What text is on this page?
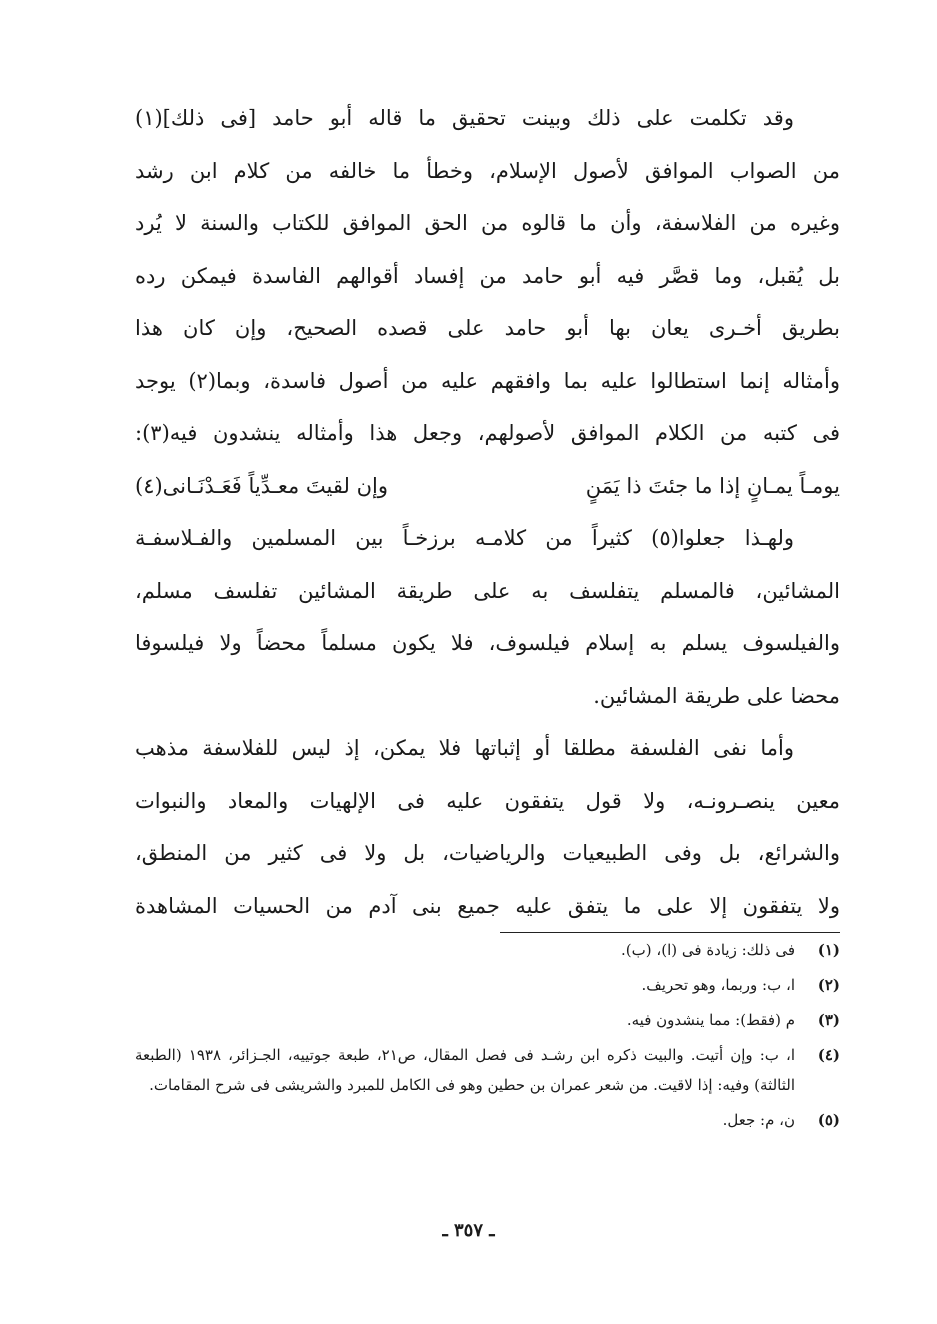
وقد تكلمت على ذلك وبينت تحقيق ما قاله أبو حامد [فى ذلك](١)
من الصواب الموافق لأصول الإسلام، وخطأ ما خالفه من كلام ابن رشد
وغيره من الفلاسفة، وأن ما قالوه من الحق الموافق للكتاب والسنة لا يُرد
بل يُقبل، وما قصَّر فيه أبو حامد من إفساد أقوالهم الفاسدة فيمكن رده
بطريق أخـرى يعان بها أبو حامد على قصده الصحيح، وإن كان هذا
وأمثاله إنما استطالوا عليه بما وافقهم عليه من أصول فاسدة، وبما(٢) يوجد
فى كتبه من الكلام الموافق لأصولهم، وجعل هذا وأمثاله ينشدون فيه(٣):
يومـاً يمـانٍ إذا ما جئتَ ذا يَمَنٍ
وإن لقيتَ معـدِّياً فَعَـدْنَـانى(٤)
ولهـذا جعلوا(٥) كثيراً من كلامـه برزخـاً بين المسلمين والفـلاسفـة
المشائين، فالمسلم يتفلسف به على طريقة المشائين تفلسف مسلم،
والفيلسوف يسلم به إسلام فيلسوف، فلا يكون مسلماً محضاً ولا فيلسوفا
محضا على طريقة المشائين.
وأما نفى الفلسفة مطلقا أو إثباتها فلا يمكن، إذ ليس للفلاسفة مذهب
معين ينصـرونـه، ولا قول يتفقون عليه فى الإلهيات والمعاد والنبوات
والشرائع، بل وفى الطبيعيات والرياضيات، بل ولا فى كثير من المنطق،
ولا يتفقون إلا على ما يتفق عليه جميع بنى آدم من الحسيات المشاهدة
(١)
فى ذلك: زيادة فى (ا)، (ب).
(٢)
ا، ب: وربما، وهو تحريف.
(٣)
م (فقط): مما ينشدون فيه.
(٤)
ا، ب: وإن أتيت. والبيت ذكره ابن رشـد فى فصل المقال، ص٢١، طبعة جوتييه، الجـزائر، ١٩٣٨ (الطبعة الثالثة) وفيه: إذا لاقيت. من شعر عمران بن حطين وهو فى الكامل للمبرد والشريشى فى شرح المقامات.
(٥)
ن، م: جعل.
ـ ٣٥٧ ـ
